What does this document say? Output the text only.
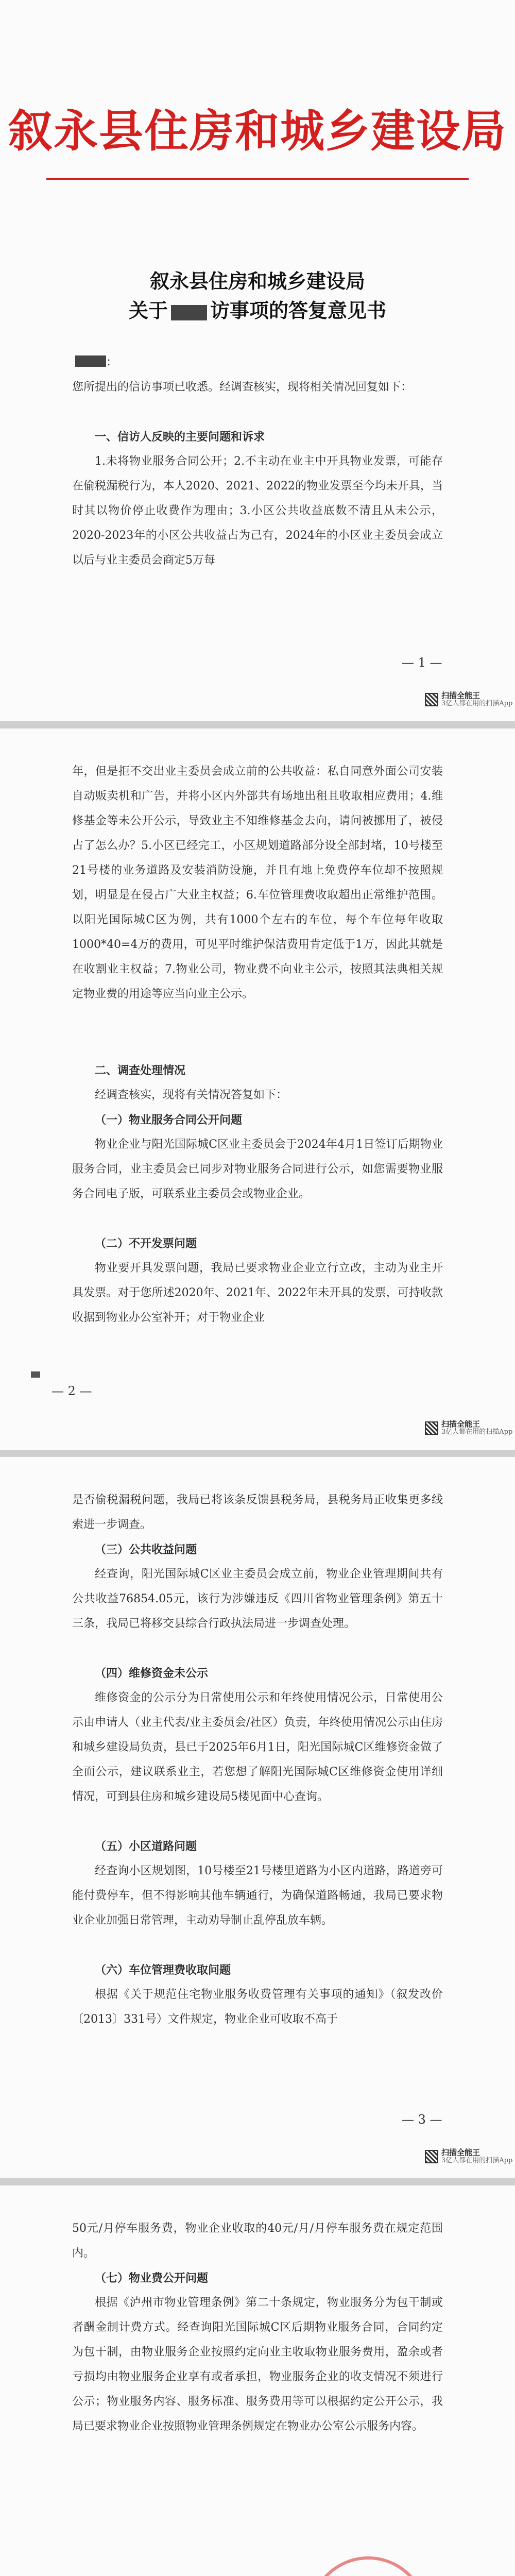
叙永县住房和城乡建设局
叙永县住房和城乡建设局
关于 访事项的答复意见书

：

您所提出的信访事项已收悉。经调查核实，现将相关情况回复如下：

一、信访人反映的主要问题和诉求

1.未将物业服务合同公开；2.不主动在业主中开具物业发票，可能存在偷税漏税行为，本人2020、2021、2022的物业发票至今均未开具，当时其以物价停止收费作为理由；3.小区公共收益底数不清且从未公示，2020-2023年的小区公共收益占为己有，2024年的小区业主委员会成立以后与业主委员会商定5万每

— 1 —
扫描全能王
3亿人都在用的扫描App

年，但是拒不交出业主委员会成立前的公共收益：私自同意外面公司安装自动贩卖机和广告，并将小区内外部共有场地出租且收取相应费用；4.维修基金等未公开公示，导致业主不知维修基金去向，请问被挪用了，被侵占了怎么办？5.小区已经完工，小区规划道路部分设全部封堵，10号楼至21号楼的业务道路及安装消防设施，并且有地上免费停车位却不按照规划，明显是在侵占广大业主权益；6.车位管理费收取超出正常维护范围。以阳光国际城C区为例，共有1000个左右的车位，每个车位每年收取1000*40=4万的费用，可见平时维护保洁费用肯定低于1万，因此其就是在收割业主权益；7.物业公司，物业费不向业主公示，按照其法典相关规定物业费的用途等应当向业主公示。

二、调查处理情况

经调查核实，现将有关情况答复如下：

（一）物业服务合同公开问题

物业企业与阳光国际城C区业主委员会于2024年4月1日签订后期物业服务合同，业主委员会已同步对物业服务合同进行公示，如您需要物业服务合同电子版，可联系业主委员会或物业企业。

（二）不开发票问题

物业要开具发票问题，我局已要求物业企业立行立改，主动为业主开具发票。对于您所述2020年、2021年、2022年未开具的发票，可持收款收据到物业办公室补开；对于物业企业

— 2 —
扫描全能王
3亿人都在用的扫描App

是否偷税漏税问题，我局已将该条反馈县税务局，县税务局正收集更多线索进一步调查。

（三）公共收益问题

经查询，阳光国际城C区业主委员会成立前，物业企业管理期间共有公共收益76854.05元，该行为涉嫌违反《四川省物业管理条例》第五十三条，我局已将移交县综合行政执法局进一步调查处理。

（四）维修资金未公示

维修资金的公示分为日常使用公示和年终使用情况公示，日常使用公示由申请人（业主代表/业主委员会/社区）负责，年终使用情况公示由住房和城乡建设局负责，县已于2025年6月1日，阳光国际城C区维修资金做了全面公示，建议联系业主，若您想了解阳光国际城C区维修资金使用详细情况，可到县住房和城乡建设局5楼见面中心查询。

（五）小区道路问题

经查询小区规划图，10号楼至21号楼里道路为小区内道路，路道旁可能付费停车，但不得影响其他车辆通行，为确保道路畅通，我局已要求物业企业加强日常管理，主动劝导制止乱停乱放车辆。

（六）车位管理费收取问题

根据《关于规范住宅物业服务收费管理有关事项的通知》（叙发改价〔2013〕331号）文件规定，物业企业可收取不高于

— 3 —
扫描全能王
3亿人都在用的扫描App

50元/月停车服务费，物业企业收取的40元/月/月停车服务费在规定范围内。

（七）物业费公开问题

根据《泸州市物业管理条例》第二十条规定，物业服务分为包干制或者酬金制计费方式。经查询阳光国际城C区后期物业服务合同，合同约定为包干制，由物业服务企业按照约定向业主收取物业服务费用，盈余或者亏损均由物业服务企业享有或者承担，物业服务企业的收支情况不须进行公示；物业服务内容、服务标准、服务费用等可以根据约定公开公示，我局已要求物业企业按照物业管理条例规定在物业办公室公示服务内容。
